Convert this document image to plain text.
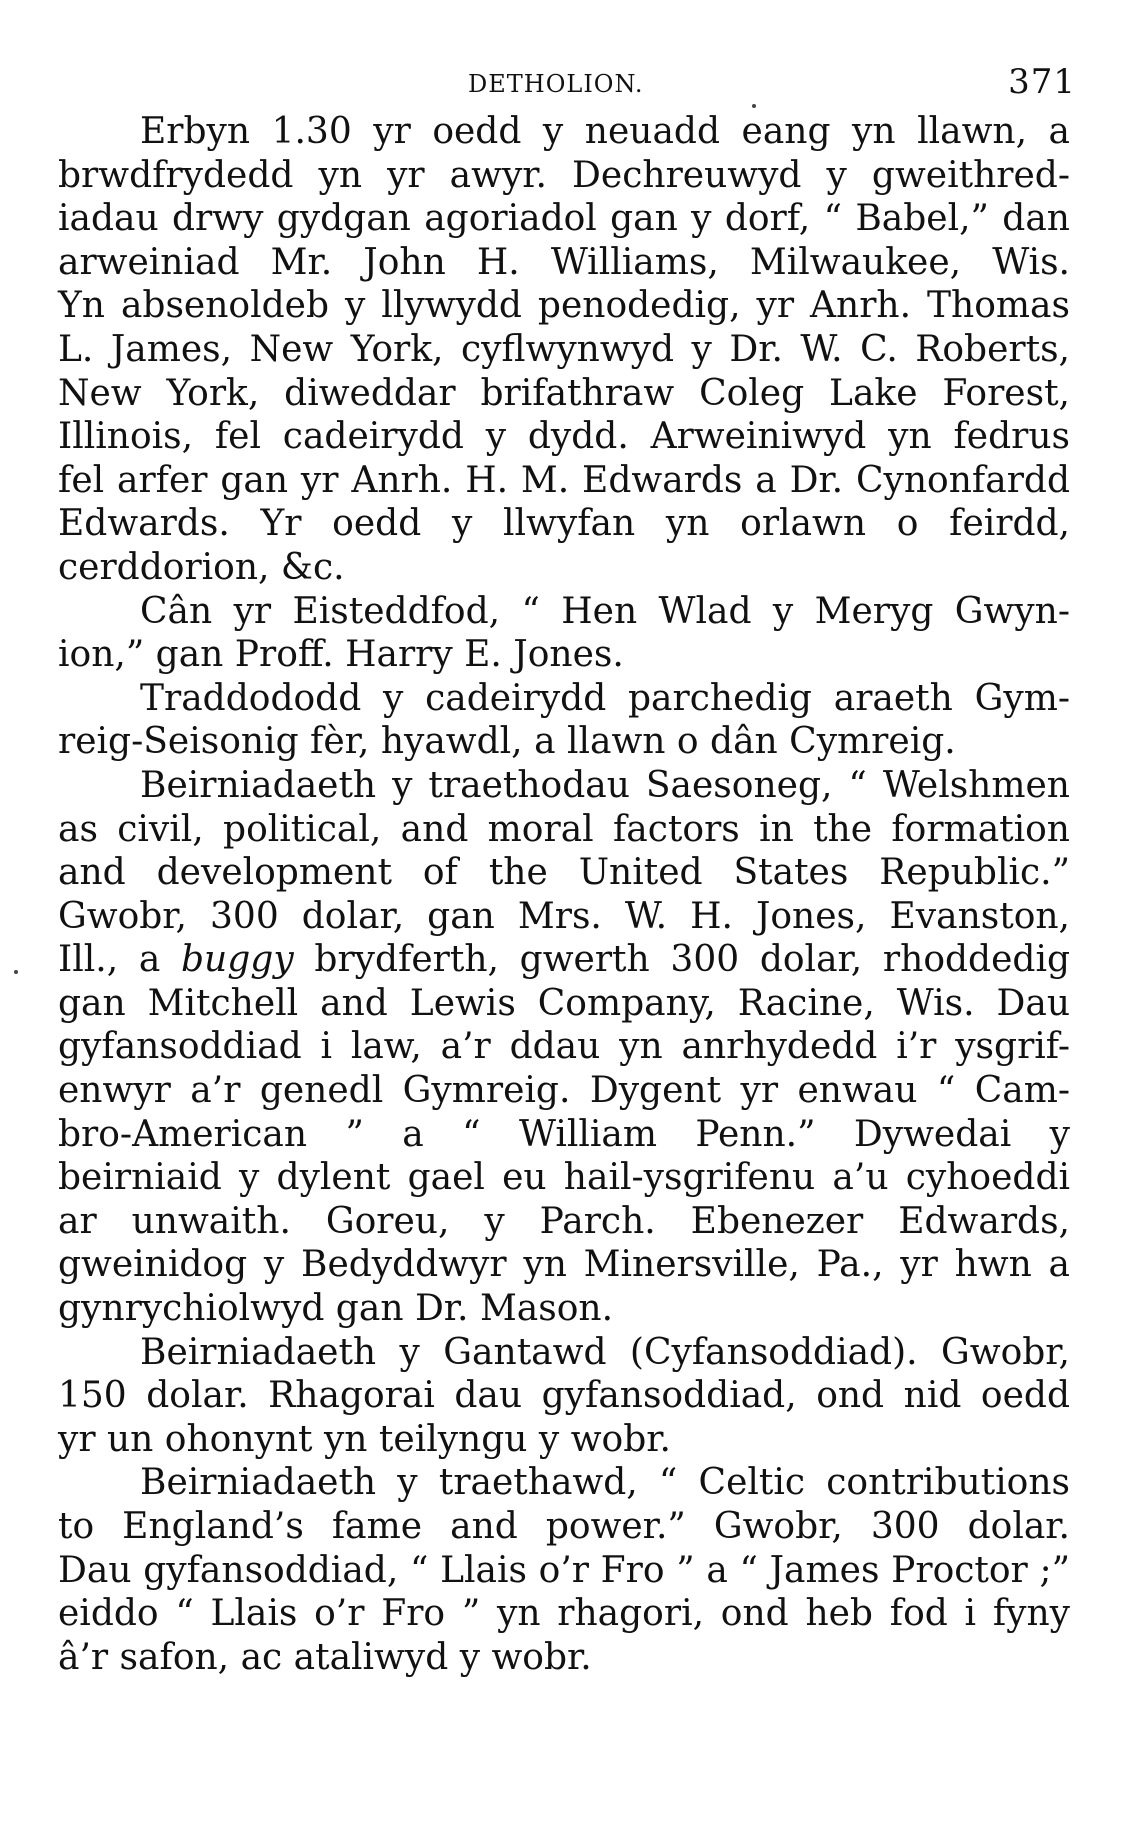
DETHOLION.	371
Erbyn 1.30 yr oedd y neuadd eang yn llawn, a
brwdfrydedd yn yr awyr. Dechreuwyd y gweithred-
iadau drwy gydgan agoriadol gan y dorf, “ Babel,” dan
arweiniad Mr. John H. Williams, Milwaukee, Wis.
Yn absenoldeb y llywydd penodedig, yr Anrh. Thomas
L. James, New York, cyflwynwyd y Dr. W. C. Roberts,
New York, diweddar brifathraw Coleg Lake Forest,
Illinois, fel cadeirydd y dydd. Arweiniwyd yn fedrus
fel arfer gan yr Anrh. H. M. Edwards a Dr. Cynonfardd
Edwards. Yr oedd y llwyfan yn orlawn o feirdd,
cerddorion, &c.
Cân yr Eisteddfod, “ Hen Wlad y Meryg Gwyn-
ion,” gan Proff. Harry E. Jones.
Traddododd y cadeirydd parchedig araeth Gym-
reig-Seisonig fèr, hyawdl, a llawn o dân Cymreig.
Beirniadaeth y traethodau Saesoneg, “ Welshmen
as civil, political, and moral factors in the formation
and development of the United States Republic.”
Gwobr, 300 dolar, gan Mrs. W. H. Jones, Evanston,
Ill., a buggy brydferth, gwerth 300 dolar, rhoddedig
gan Mitchell and Lewis Company, Racine, Wis. Dau
gyfansoddiad i law, a’r ddau yn anrhydedd i’r ysgrif-
enwyr a’r genedl Gymreig. Dygent yr enwau “ Cam-
bro-American ” a “ William Penn.” Dywedai y
beirniaid y dylent gael eu hail-ysgrifenu a’u cyhoeddi
ar unwaith. Goreu, y Parch. Ebenezer Edwards,
gweinidog y Bedyddwyr yn Minersville, Pa., yr hwn a
gynrychiolwyd gan Dr. Mason.
Beirniadaeth y Gantawd (Cyfansoddiad). Gwobr,
150 dolar. Rhagorai dau gyfansoddiad, ond nid oedd
yr un ohonynt yn teilyngu y wobr.
Beirniadaeth y traethawd, “ Celtic contributions
to England’s fame and power.” Gwobr, 300 dolar.
Dau gyfansoddiad, “ Llais o’r Fro ” a “ James Proctor ;”
eiddo “ Llais o’r Fro ” yn rhagori, ond heb fod i fyny
â’r safon, ac ataliwyd y wobr.
